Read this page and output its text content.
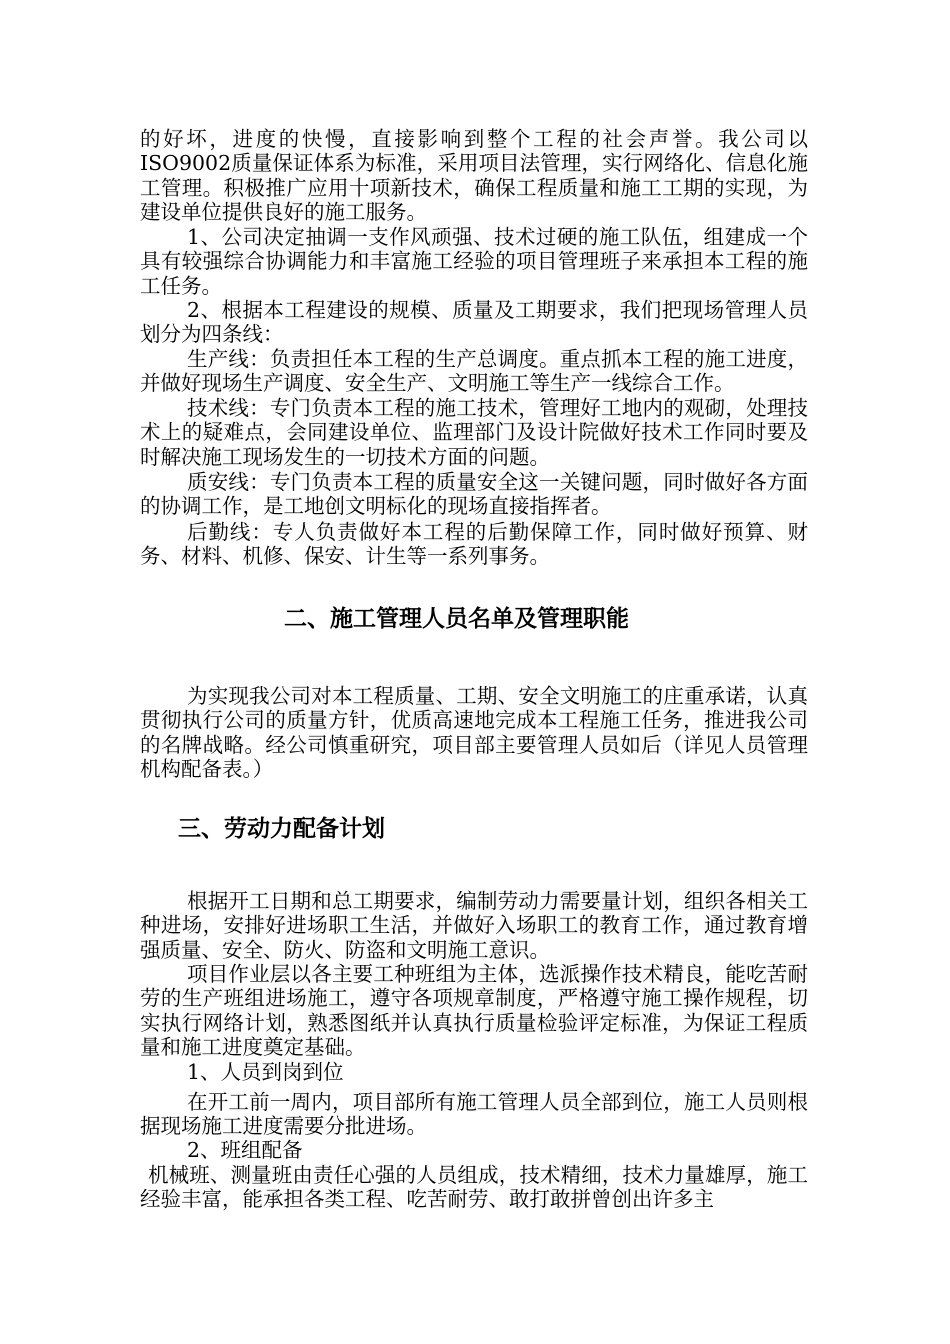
的好坏，进度的快慢，直接影响到整个工程的社会声誉。我公司以ISO9002质量保证体系为标准，采用项目法管理，实行网络化、信息化施工管理。积极推广应用十项新技术，确保工程质量和施工工期的实现，为建设单位提供良好的施工服务。

1、公司决定抽调一支作风顽强、技术过硬的施工队伍，组建成一个具有较强综合协调能力和丰富施工经验的项目管理班子来承担本工程的施工任务。

2、根据本工程建设的规模、质量及工期要求，我们把现场管理人员划分为四条线：

生产线：负责担任本工程的生产总调度。重点抓本工程的施工进度，并做好现场生产调度、安全生产、文明施工等生产一线综合工作。

技术线：专门负责本工程的施工技术，管理好工地内的观砌，处理技术上的疑难点，会同建设单位、监理部门及设计院做好技术工作同时要及时解决施工现场发生的一切技术方面的问题。

质安线：专门负责本工程的质量安全这一关键问题，同时做好各方面的协调工作，是工地创文明标化的现场直接指挥者。

后勤线：专人负责做好本工程的后勤保障工作，同时做好预算、财务、材料、机修、保安、计生等一系列事务。

二、施工管理人员名单及管理职能

为实现我公司对本工程质量、工期、安全文明施工的庄重承诺，认真贯彻执行公司的质量方针，优质高速地完成本工程施工任务，推进我公司的名牌战略。经公司慎重研究，项目部主要管理人员如后（详见人员管理机构配备表。）

三、劳动力配备计划

根据开工日期和总工期要求，编制劳动力需要量计划，组织各相关工种进场，安排好进场职工生活，并做好入场职工的教育工作，通过教育增强质量、安全、防火、防盗和文明施工意识。

项目作业层以各主要工种班组为主体，选派操作技术精良，能吃苦耐劳的生产班组进场施工，遵守各项规章制度，严格遵守施工操作规程，切实执行网络计划，熟悉图纸并认真执行质量检验评定标准，为保证工程质量和施工进度奠定基础。

1、人员到岗到位

在开工前一周内，项目部所有施工管理人员全部到位，施工人员则根据现场施工进度需要分批进场。

2、班组配备

机械班、测量班由责任心强的人员组成，技术精细，技术力量雄厚，施工经验丰富，能承担各类工程、吃苦耐劳、敢打敢拼曾创出许多主
